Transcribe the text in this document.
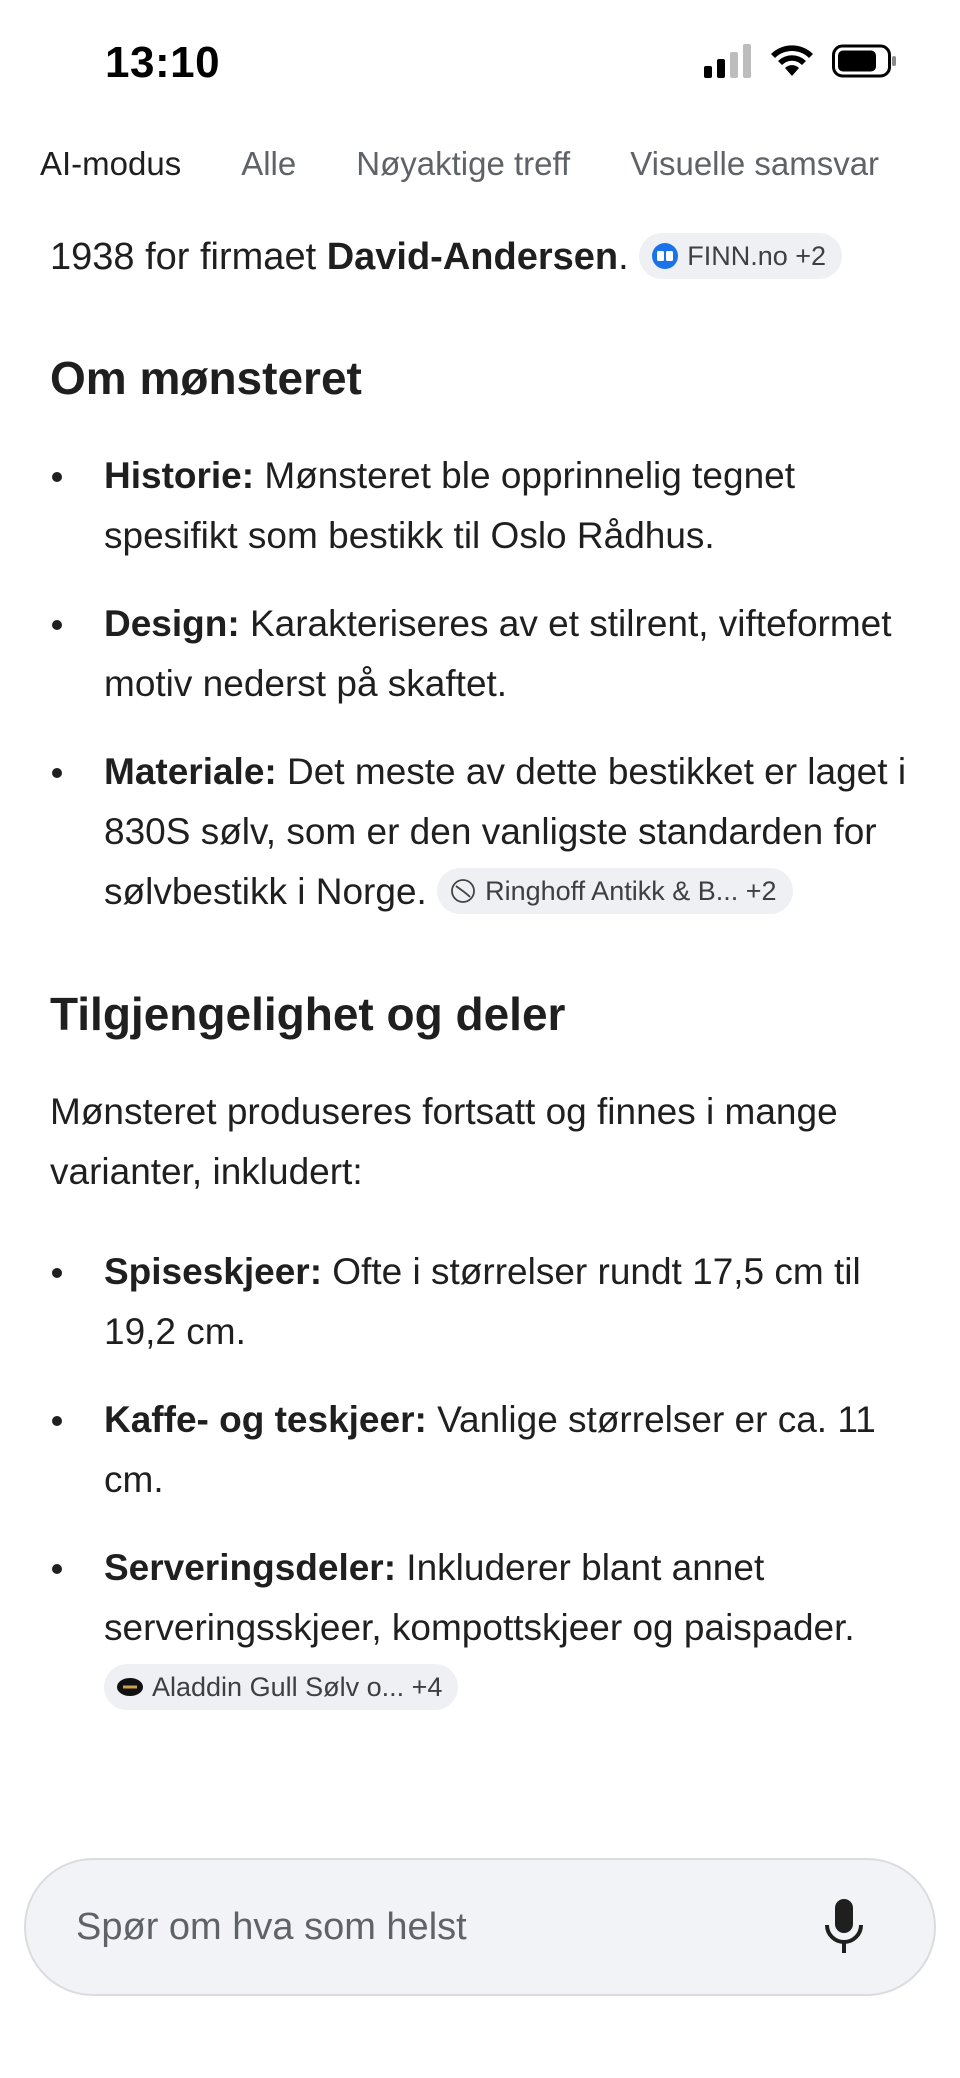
13:10
AI-modus Alle Nøyaktige treff Visuelle samsvar
1938 for firmaet David-Andersen. FINN.no +2
Om mønsteret
Historie: Mønsteret ble opprinnelig tegnet spesifikt som bestikk til Oslo Rådhus.
Design: Karakteriseres av et stilrent, vifteformet motiv nederst på skaftet.
Materiale: Det meste av dette bestikket er laget i 830S sølv, som er den vanligste standarden for sølvbestikk i Norge. Ringhoff Antikk & B... +2
Tilgjengelighet og deler

Mønsteret produseres fortsatt og finnes i mange varianter, inkludert:

Spiseskjeer: Ofte i størrelser rundt 17,5 cm til 19,2 cm.
Kaffe- og teskjeer: Vanlige størrelser er ca. 11 cm.
Serveringsdeler: Inkluderer blant annet serveringsskjeer, kompottskjeer og paispader.
Aladdin Gull Sølv o... +4
Spør om hva som helst
